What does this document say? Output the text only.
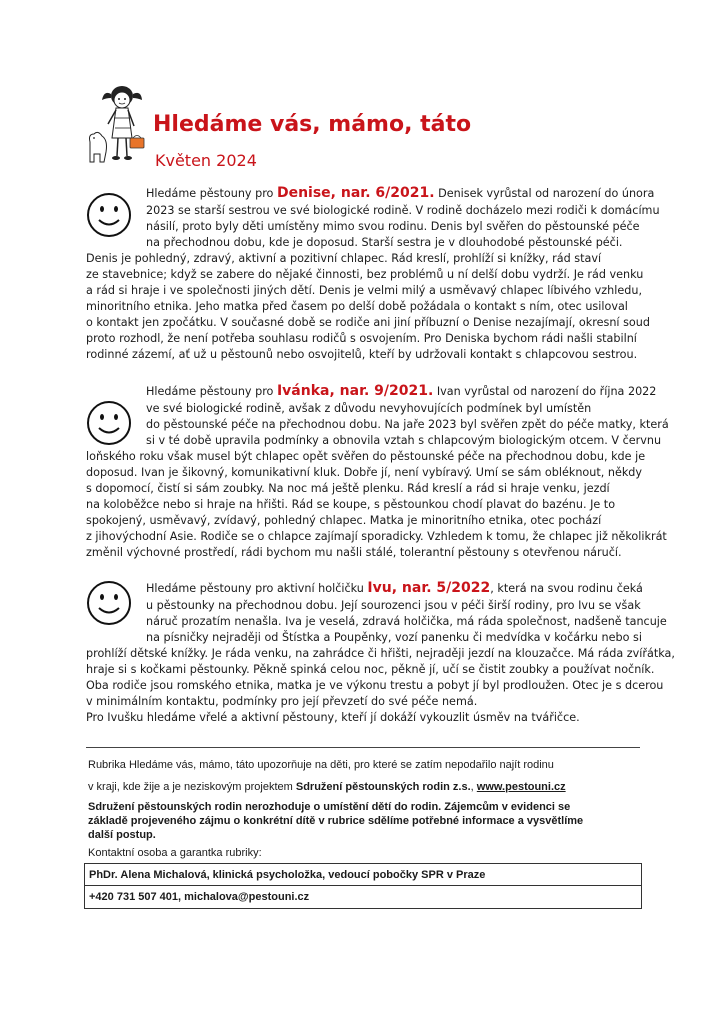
Hledáme vás, mámo, táto
Květen 2024
Hledáme pěstouny pro Denise, nar. 6/2021. Denisek vyrůstal od narození do února
2023 se starší sestrou ve své biologické rodině. V rodině docházelo mezi rodiči k domácímu
násilí, proto byly děti umístěny mimo svou rodinu. Denis byl svěřen do pěstounské péče
na přechodnou dobu, kde je doposud. Starší sestra je v dlouhodobé pěstounské péči.
Denis je pohledný, zdravý, aktivní a pozitivní chlapec. Rád kreslí, prohlíží si knížky, rád staví
ze stavebnice; když se zabere do nějaké činnosti, bez problémů u ní delší dobu vydrží. Je rád venku
a rád si hraje i ve společnosti jiných dětí. Denis je velmi milý a usměvavý chlapec líbivého vzhledu,
minoritního etnika. Jeho matka před časem po delší době požádala o kontakt s ním, otec usiloval
o kontakt jen zpočátku. V současné době se rodiče ani jiní příbuzní o Denise nezajímají, okresní soud
proto rozhodl, že není potřeba souhlasu rodičů s osvojením. Pro Deniska bychom rádi našli stabilní
rodinné zázemí, ať už u pěstounů nebo osvojitelů, kteří by udržovali kontakt s chlapcovou sestrou.
Hledáme pěstouny pro Ivánka, nar. 9/2021. Ivan vyrůstal od narození do října 2022
ve své biologické rodině, avšak z důvodu nevyhovujících podmínek byl umístěn
do pěstounské péče na přechodnou dobu. Na jaře 2023 byl svěřen zpět do péče matky, která
si v té době upravila podmínky a obnovila vztah s chlapcovým biologickým otcem. V červnu
loňského roku však musel být chlapec opět svěřen do pěstounské péče na přechodnou dobu, kde je
doposud. Ivan je šikovný, komunikativní kluk. Dobře jí, není vybíravý. Umí se sám obléknout, někdy
s dopomocí, čistí si sám zoubky. Na noc má ještě plenku. Rád kreslí a rád si hraje venku, jezdí
na koloběžce nebo si hraje na hřišti. Rád se koupe, s pěstounkou chodí plavat do bazénu. Je to
spokojený, usměvavý, zvídavý, pohledný chlapec. Matka je minoritního etnika, otec pochází
z jihovýchodní Asie. Rodiče se o chlapce zajímají sporadicky. Vzhledem k tomu, že chlapec již několikrát
změnil výchovné prostředí, rádi bychom mu našli stálé, tolerantní pěstouny s otevřenou náručí.
Hledáme pěstouny pro aktivní holčičku Ivu, nar. 5/2022, která na svou rodinu čeká
u pěstounky na přechodnou dobu. Její sourozenci jsou v péči širší rodiny, pro Ivu se však
náruč prozatím nenašla. Iva je veselá, zdravá holčička, má ráda společnost, nadšeně tancuje
na písničky nejraději od Štístka a Poupěnky, vozí panenku či medvídka v kočárku nebo si
prohlíží dětské knížky. Je ráda venku, na zahrádce či hřišti, nejraději jezdí na klouzačce. Má ráda zvířátka,
hraje si s kočkami pěstounky. Pěkně spinká celou noc, pěkně jí, učí se čistit zoubky a používat nočník.
Oba rodiče jsou romského etnika, matka je ve výkonu trestu a pobyt jí byl prodloužen. Otec je s dcerou
v minimálním kontaktu, podmínky pro její převzetí do své péče nemá.
Pro Ivušku hledáme vřelé a aktivní pěstouny, kteří jí dokáží vykouzlit úsměv na tvářičce.
Rubrika Hledáme vás, mámo, táto upozorňuje na děti, pro které se zatím nepodařilo najít rodinu
v kraji, kde žije a je neziskovým projektem Sdružení pěstounských rodin z.s., www.pestouni.cz
Sdružení pěstounských rodin nerozhoduje o umístění dětí do rodin. Zájemcům v evidenci se
základě projeveného zájmu o konkrétní dítě v rubrice sdělíme potřebné informace a vysvětlíme
další postup.
Kontaktní osoba a garantka rubriky:
PhDr. Alena Michalová, klinická psycholožka, vedoucí pobočky SPR v Praze
+420 731 507 401, michalova@pestouni.cz
